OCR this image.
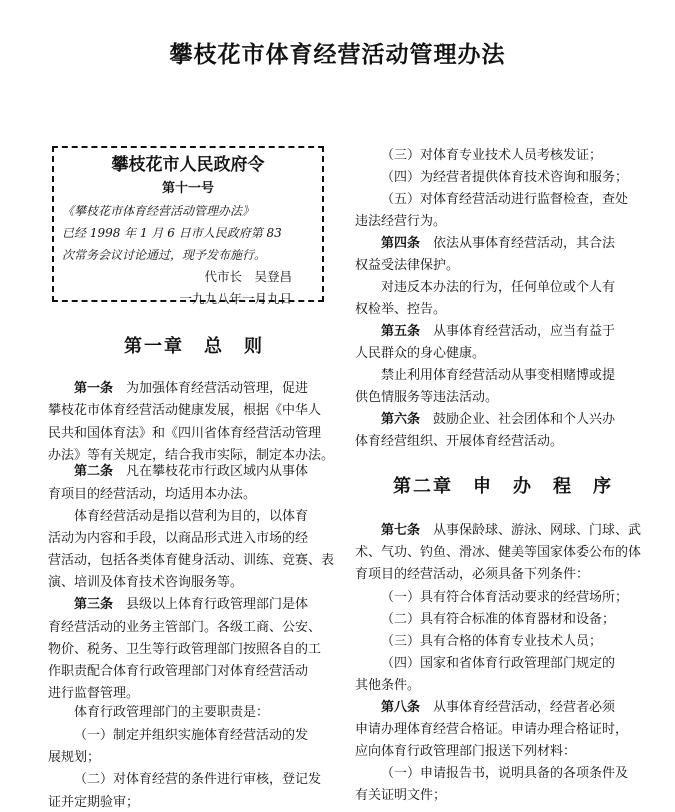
攀枝花市体育经营活动管理办法
攀枝花市人民政府令
第十一号
《攀枝花市体育经营活动管理办法》
已经 1998 年 1 月 6 日市人民政府第 83
次常务会议讨论通过，现予发布施行。
代市长　吴登昌
一九九八年一月九日
第一章　总　则
第二章　申　办　程　序
第一条　为加强体育经营活动管理，促进
攀枝花市体育经营活动健康发展，根据《中华人
民共和国体育法》和《四川省体育经营活动管理
办法》等有关规定，结合我市实际，制定本办法。
第二条　凡在攀枝花市行政区域内从事体
育项目的经营活动，均适用本办法。
体育经营活动是指以营利为目的，以体育
活动为内容和手段，以商品形式进入市场的经
营活动，包括各类体育健身活动、训练、竞赛、表
演、培训及体育技术咨询服务等。
第三条　县级以上体育行政管理部门是体
育经营活动的业务主管部门。各级工商、公安、
物价、税务、卫生等行政管理部门按照各自的工
作职责配合体育行政管理部门对体育经营活动
进行监督管理。
体育行政管理部门的主要职责是：
（一）制定并组织实施体育经营活动的发
展规划；
（二）对体育经营的条件进行审核，登记发
证并定期验审；
（三）对体育专业技术人员考核发证；
（四）为经营者提供体育技术咨询和服务；
（五）对体育经营活动进行监督检查，查处
违法经营行为。
第四条　依法从事体育经营活动，其合法
权益受法律保护。
对违反本办法的行为，任何单位或个人有
权检举、控告。
第五条　从事体育经营活动，应当有益于
人民群众的身心健康。
禁止利用体育经营活动从事变相赌博或提
供色情服务等违法活动。
第六条　鼓励企业、社会团体和个人兴办
体育经营组织、开展体育经营活动。
第七条　从事保龄球、游泳、网球、门球、武
术、气功、钓鱼、滑冰、健美等国家体委公布的体
育项目的经营活动，必须具备下列条件：
（一）具有符合体育活动要求的经营场所；
（二）具有符合标准的体育器材和设备；
（三）具有合格的体育专业技术人员；
（四）国家和省体育行政管理部门规定的
其他条件。
第八条　从事体育经营活动，经营者必须
申请办理体育经营合格证。申请办理合格证时，
应向体育行政管理部门报送下列材料：
（一）申请报告书，说明具备的各项条件及
有关证明文件；
